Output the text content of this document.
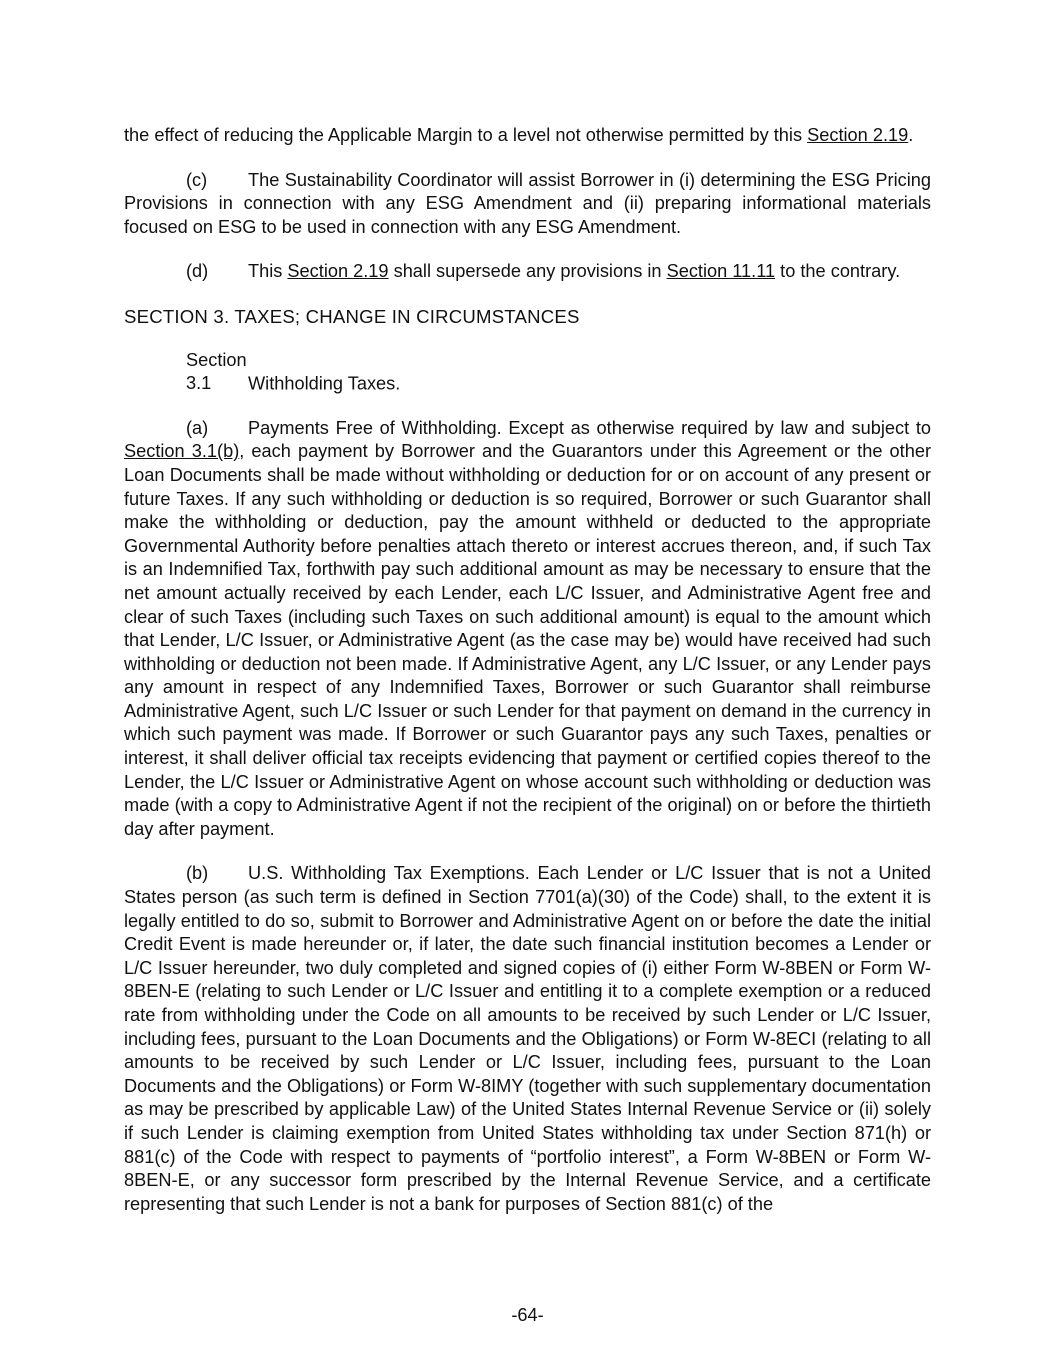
the effect of reducing the Applicable Margin to a level not otherwise permitted by this Section 2.19.

(c) The Sustainability Coordinator will assist Borrower in (i) determining the ESG Pricing Provisions in connection with any ESG Amendment and (ii) preparing informational materials focused on ESG to be used in connection with any ESG Amendment.

(d) This Section 2.19 shall supersede any provisions in Section 11.11 to the contrary.

SECTION 3. TAXES; CHANGE IN CIRCUMSTANCES
Section 3.1 Withholding Taxes.

(a) Payments Free of Withholding. Except as otherwise required by law and subject to Section 3.1(b), each payment by Borrower and the Guarantors under this Agreement or the other Loan Documents shall be made without withholding or deduction for or on account of any present or future Taxes. If any such withholding or deduction is so required, Borrower or such Guarantor shall make the withholding or deduction, pay the amount withheld or deducted to the appropriate Governmental Authority before penalties attach thereto or interest accrues thereon, and, if such Tax is an Indemnified Tax, forthwith pay such additional amount as may be necessary to ensure that the net amount actually received by each Lender, each L/C Issuer, and Administrative Agent free and clear of such Taxes (including such Taxes on such additional amount) is equal to the amount which that Lender, L/C Issuer, or Administrative Agent (as the case may be) would have received had such withholding or deduction not been made. If Administrative Agent, any L/C Issuer, or any Lender pays any amount in respect of any Indemnified Taxes, Borrower or such Guarantor shall reimburse Administrative Agent, such L/C Issuer or such Lender for that payment on demand in the currency in which such payment was made. If Borrower or such Guarantor pays any such Taxes, penalties or interest, it shall deliver official tax receipts evidencing that payment or certified copies thereof to the Lender, the L/C Issuer or Administrative Agent on whose account such withholding or deduction was made (with a copy to Administrative Agent if not the recipient of the original) on or before the thirtieth day after payment.

(b) U.S. Withholding Tax Exemptions. Each Lender or L/C Issuer that is not a United States person (as such term is defined in Section 7701(a)(30) of the Code) shall, to the extent it is legally entitled to do so, submit to Borrower and Administrative Agent on or before the date the initial Credit Event is made hereunder or, if later, the date such financial institution becomes a Lender or L/C Issuer hereunder, two duly completed and signed copies of (i) either Form W-8BEN or Form W-8BEN-E (relating to such Lender or L/C Issuer and entitling it to a complete exemption or a reduced rate from withholding under the Code on all amounts to be received by such Lender or L/C Issuer, including fees, pursuant to the Loan Documents and the Obligations) or Form W-8ECI (relating to all amounts to be received by such Lender or L/C Issuer, including fees, pursuant to the Loan Documents and the Obligations) or Form W-8IMY (together with such supplementary documentation as may be prescribed by applicable Law) of the United States Internal Revenue Service or (ii) solely if such Lender is claiming exemption from United States withholding tax under Section 871(h) or 881(c) of the Code with respect to payments of “portfolio interest”, a Form W-8BEN or Form W-8BEN-E, or any successor form prescribed by the Internal Revenue Service, and a certificate representing that such Lender is not a bank for purposes of Section 881(c) of the

-64-
